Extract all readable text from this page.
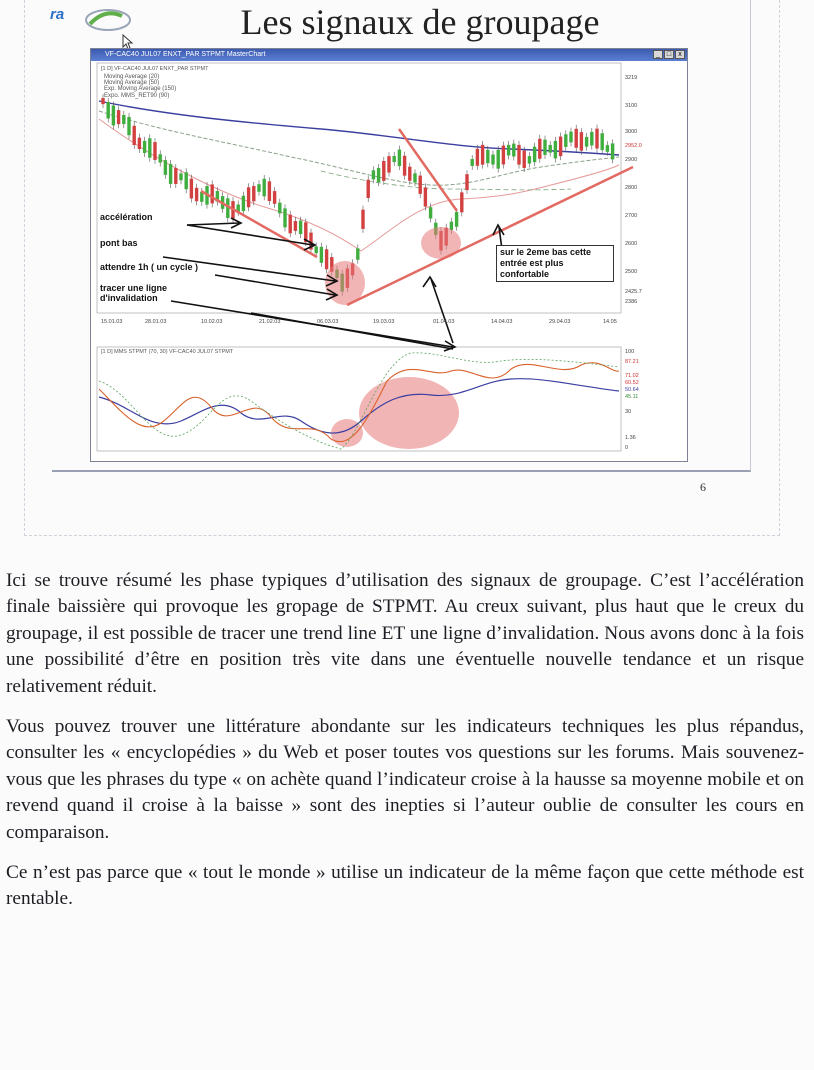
ra	Les signaux de groupage
VF-CAC40 JUL07 ENXT_PAR STPMT MasterChart	_ □	x
[1 D] VF-CAC40 JUL07 ENXT_PAR STPMT
[1 D] MMS STPMT (70, 30) VF-CAC40 JUL07 STPMT
3219
3100
3000
2952.0
2900
2800
2700
2600
2500
2425.7
2386
15.01.03	28.01.03	10.02.03	21.02.03	06.03.03	19.03.03	01.04.03	14.04.03	29.04.03	14.05
100
87.21
71.02
60.52
50.64
45.11
30
1.36
0
Moving Average (20)
Moving Average (50)
Exp. Moving Average (150)
Expo. MMS_RET90 (90)
accélération
pont bas
attendre 1h ( un cycle )
tracer une ligne
d'invalidation
sur le 2eme bas cette entrée est plus confortable
6

Ici se trouve résumé les phase typiques d’utilisation des signaux de groupage. C’est l’accélération finale baissière qui provoque les gropage de STPMT. Au creux suivant, plus haut que le creux du groupage, il est possible de tracer une trend line ET une ligne d’invalidation. Nous avons donc à la fois une possibilité d’être en position très vite dans une éventuelle nouvelle tendance et un risque relativement réduit.

Vous pouvez trouver une littérature abondante sur les indicateurs techniques les plus répandus, consulter les « encyclopédies » du Web et poser toutes vos questions sur les forums. Mais souvenez-vous que les phrases du type « on achète quand l’indicateur croise à la hausse sa moyenne mobile et on revend quand il croise à la baisse » sont des inepties si l’auteur oublie de consulter les cours en comparaison.

Ce n’est pas parce que « tout le monde » utilise un indicateur de la même façon que cette méthode est rentable.
